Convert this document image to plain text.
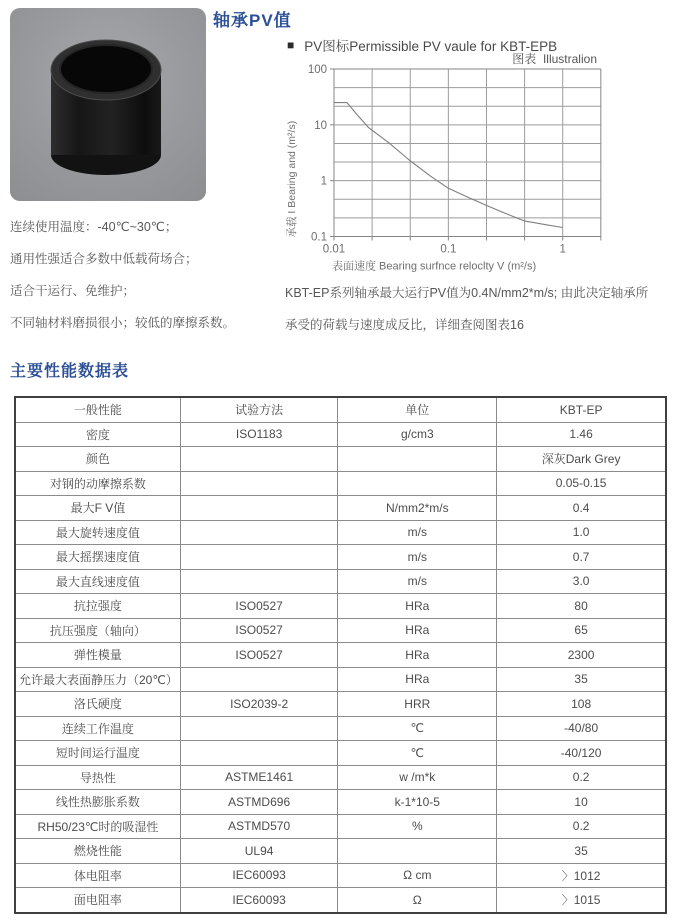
轴承PV值
■ PV图标Permissible PV vaule for KBT-EPB
图表  Illustralion
100
10
1
0.1
0.01	0.1	1
表面速度 Bearing surfnce reloclty V (m²/s)
承载 I Bearing and (m²/s)
连续使用温度：-40℃~30℃；
通用性强适合多数中低载荷场合；
适合干运行、免维护；
不同轴材料磨损很小；较低的摩擦系数。
KBT-EP系列轴承最大运行PV值为0.4N/mm2*m/s; 由此决定轴承所
承受的荷载与速度成反比，详细查阅图表16
主要性能数据表
一般性能	试验方法	单位	KBT-EP
密度	ISO1183	g/cm3	1.46
颜色			深灰Dark Grey
对钢的动摩擦系数			0.05-0.15
最大F V值		N/mm2*m/s	0.4
最大旋转速度值		m/s	1.0
最大摇摆速度值		m/s	0.7
最大直线速度值		m/s	3.0
抗拉强度	ISO0527	HRa	80
抗压强度（轴向）	ISO0527	HRa	65
弹性模量	ISO0527	HRa	2300
允许最大表面静压力（20℃）		HRa	35
洛氏硬度	ISO2039-2	HRR	108
连续工作温度		℃	-40/80
短时间运行温度		℃	-40/120
导热性	ASTME1461	w /m*k	0.2
线性热膨胀系数	ASTMD696	k-1*10-5	10
RH50/23℃时的吸湿性	ASTMD570	%	0.2
燃烧性能	UL94		35
体电阻率	IEC60093	Ω cm	〉1012
面电阻率	IEC60093	Ω	〉1015
